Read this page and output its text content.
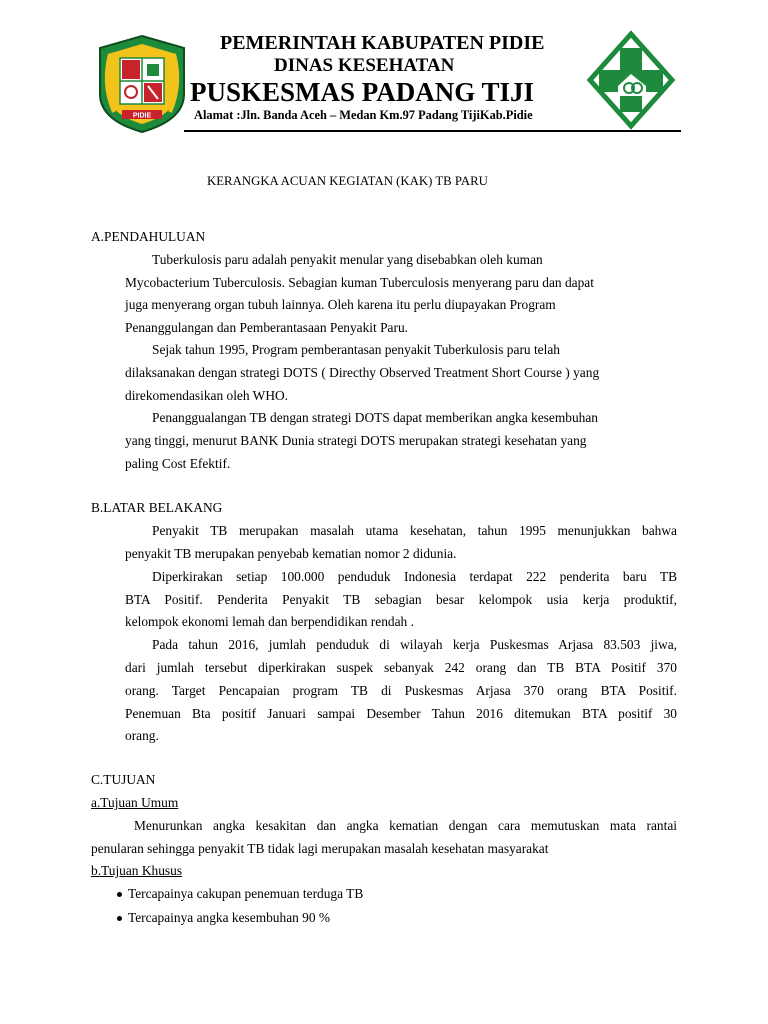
PIDIE
PEMERINTAH KABUPATEN PIDIE
DINAS KESEHATAN
PUSKESMAS PADANG TIJI
Alamat :Jln. Banda Aceh – Medan Km.97 Padang TijiKab.Pidie
KERANGKA ACUAN KEGIATAN (KAK) TB PARU
A.PENDAHULUAN
Tuberkulosis paru adalah penyakit menular yang disebabkan oleh kuman
Mycobacterium Tuberculosis. Sebagian kuman Tuberculosis menyerang paru dan dapat
juga menyerang organ tubuh lainnya. Oleh karena itu perlu diupayakan Program
Penanggulangan dan Pemberantasaan Penyakit Paru.
Sejak tahun 1995, Program pemberantasan penyakit Tuberkulosis paru telah
dilaksanakan dengan strategi DOTS ( Directhy Observed Treatment Short Course ) yang
direkomendasikan oleh WHO.
Penanggualangan TB dengan strategi DOTS dapat memberikan angka kesembuhan
yang tinggi, menurut BANK Dunia strategi DOTS merupakan strategi kesehatan yang
paling Cost Efektif.
B.LATAR BELAKANG
Penyakit TB merupakan masalah utama kesehatan, tahun 1995 menunjukkan bahwa
penyakit TB merupakan penyebab kematian nomor 2 didunia.
Diperkirakan setiap 100.000 penduduk Indonesia terdapat 222 penderita baru TB
BTA Positif. Penderita Penyakit TB sebagian besar kelompok usia kerja produktif,
kelompok ekonomi lemah dan berpendidikan rendah .
Pada tahun 2016, jumlah penduduk di wilayah kerja Puskesmas Arjasa 83.503 jiwa,
dari jumlah tersebut diperkirakan suspek sebanyak 242 orang dan TB BTA Positif 370
orang. Target Pencapaian program TB di Puskesmas Arjasa 370 orang BTA Positif.
Penemuan Bta positif Januari sampai Desember Tahun 2016 ditemukan BTA positif 30
orang.
C.TUJUAN
a.Tujuan Umum
Menurunkan angka kesakitan dan angka kematian dengan cara memutuskan mata rantai
penularan sehingga penyakit TB tidak lagi merupakan masalah kesehatan masyarakat
b.Tujuan Khusus
Tercapainya cakupan penemuan terduga TB
Tercapainya angka kesembuhan 90 %
